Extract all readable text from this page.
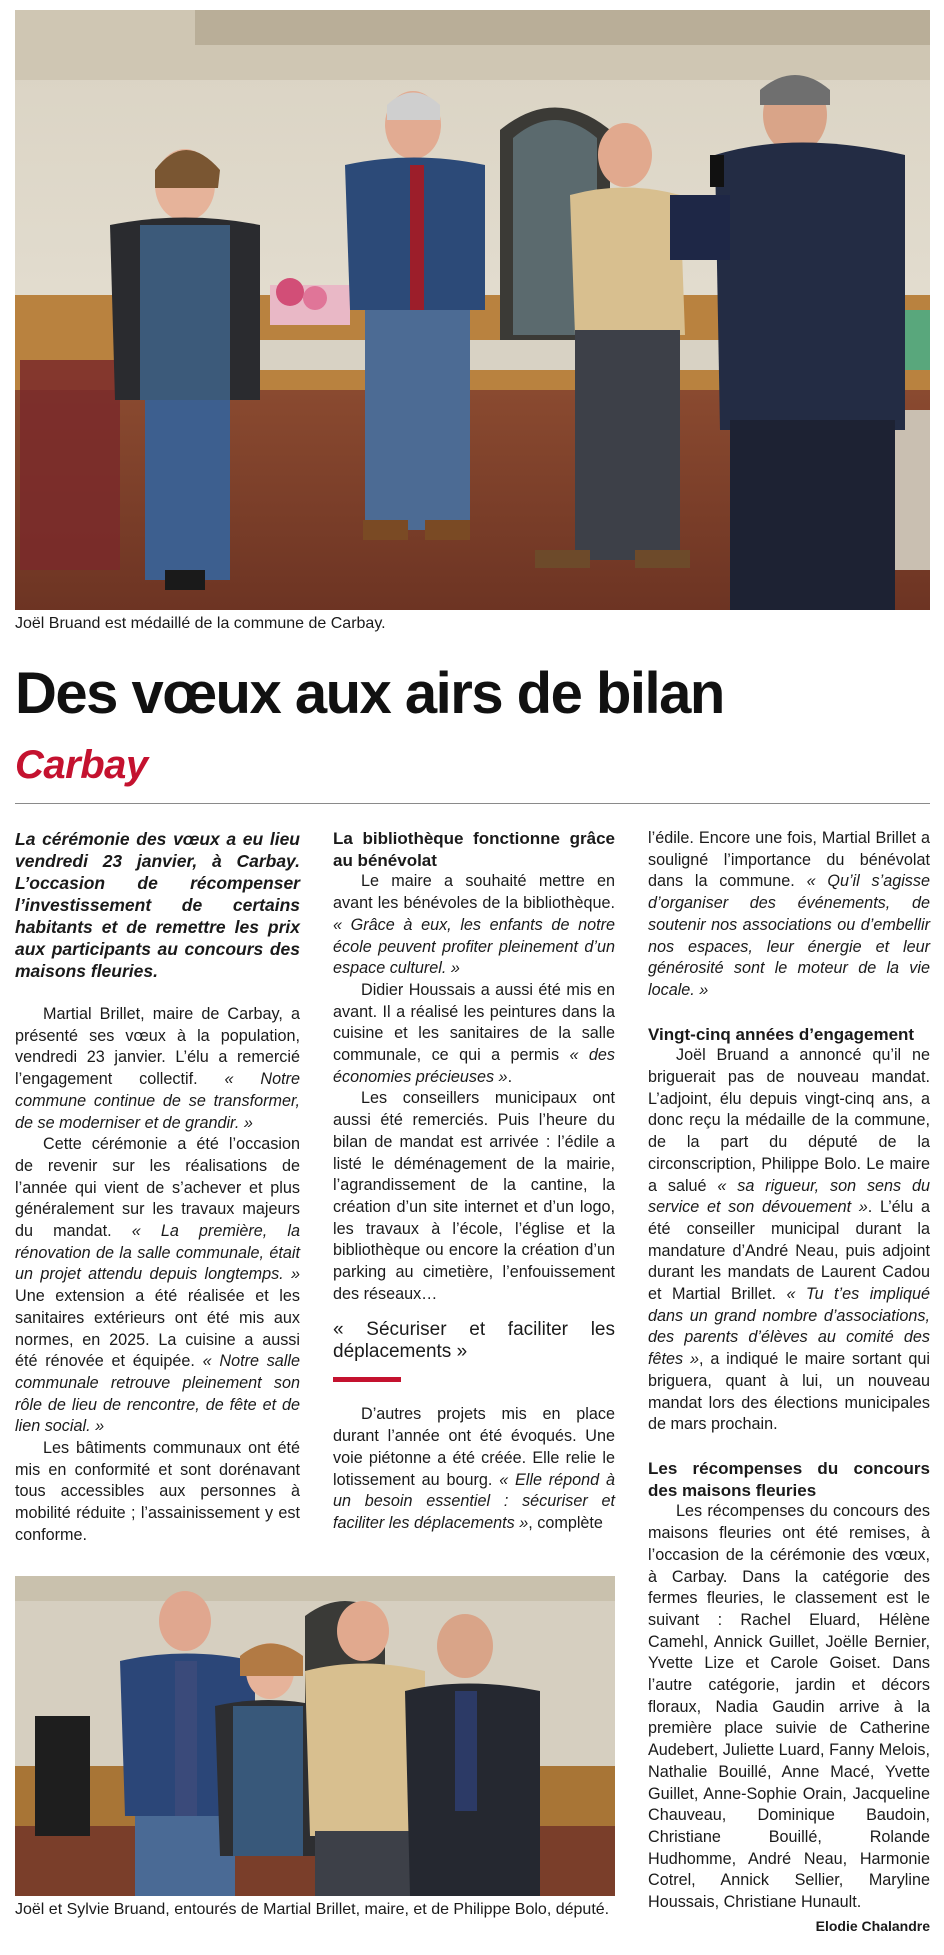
Joël Bruand est médaillé de la commune de Carbay.
Des vœux aux airs de bilan
Carbay

La cérémonie des vœux a eu lieu vendredi 23 janvier, à Carbay. L’occasion de récompenser l’investissement de certains habitants et de remettre les prix aux participants au concours des maisons fleuries.

Martial Brillet, maire de Carbay, a présenté ses vœux à la population, vendredi 23 janvier. L’élu a remercié l’engagement collectif. « Notre commune continue de se transformer, de se moderniser et de grandir. »

Cette cérémonie a été l’occasion de revenir sur les réalisations de l’année qui vient de s’achever et plus généralement sur les travaux majeurs du mandat. « La première, la rénovation de la salle communale, était un projet attendu depuis longtemps. » Une extension a été réalisée et les sanitaires extérieurs ont été mis aux normes, en 2025. La cuisine a aussi été rénovée et équipée. « Notre salle communale retrouve pleinement son rôle de lieu de rencontre, de fête et de lien social. »

Les bâtiments communaux ont été mis en conformité et sont dorénavant tous accessibles aux personnes à mobilité réduite ; l’assainissement y est conforme.

La bibliothèque fonctionne grâce au bénévolat

Le maire a souhaité mettre en avant les bénévoles de la bibliothèque. « Grâce à eux, les enfants de notre école peuvent profiter pleinement d’un espace culturel. »

Didier Houssais a aussi été mis en avant. Il a réalisé les peintures dans la cuisine et les sanitaires de la salle communale, ce qui a permis « des économies précieuses ».

Les conseillers municipaux ont aussi été remerciés. Puis l’heure du bilan de mandat est arrivée : l’édile a listé le déménagement de la mairie, l’agrandissement de la cantine, la création d’un site internet et d’un logo, les travaux à l’école, l’église et la bibliothèque ou encore la création d’un parking au cimetière, l’enfouissement des réseaux…

« Sécuriser et faciliter les déplacements »

D’autres projets mis en place durant l’année ont été évoqués. Une voie piétonne a été créée. Elle relie le lotissement au bourg. « Elle répond à un besoin essentiel : sécuriser et faciliter les déplacements », complète

l’édile. Encore une fois, Martial Brillet a souligné l’importance du bénévolat dans la commune. « Qu’il s’agisse d’organiser des événements, de soutenir nos associations ou d’embellir nos espaces, leur énergie et leur générosité sont le moteur de la vie locale. »

Vingt-cinq années d’engagement

Joël Bruand a annoncé qu’il ne briguerait pas de nouveau mandat. L’adjoint, élu depuis vingt-cinq ans, a donc reçu la médaille de la commune, de la part du député de la circonscription, Philippe Bolo. Le maire a salué « sa rigueur, son sens du service et son dévouement ». L’élu a été conseiller municipal durant la mandature d’André Neau, puis adjoint durant les mandats de Laurent Cadou et Martial Brillet. « Tu t’es impliqué dans un grand nombre d’associations, des parents d’élèves au comité des fêtes », a indiqué le maire sortant qui briguera, quant à lui, un nouveau mandat lors des élections municipales de mars prochain.

Les récompenses du concours des maisons fleuries

Les récompenses du concours des maisons fleuries ont été remises, à l’occasion de la cérémonie des vœux, à Carbay. Dans la catégorie des fermes fleuries, le classement est le suivant : Rachel Eluard, Hélène Camehl, Annick Guillet, Joëlle Bernier, Yvette Lize et Carole Goiset. Dans l’autre catégorie, jardin et décors floraux, Nadia Gaudin arrive à la première place suivie de Catherine Audebert, Juliette Luard, Fanny Melois, Nathalie Bouillé, Anne Macé, Yvette Guillet, Anne-Sophie Orain, Jacqueline Chauveau, Dominique Baudoin, Christiane Bouillé, Rolande Hudhomme, André Neau, Harmonie Cotrel, Annick Sellier, Maryline Houssais, Christiane Hunault.

Elodie Chalandre

Joël et Sylvie Bruand, entourés de Martial Brillet, maire, et de Philippe Bolo, député.
